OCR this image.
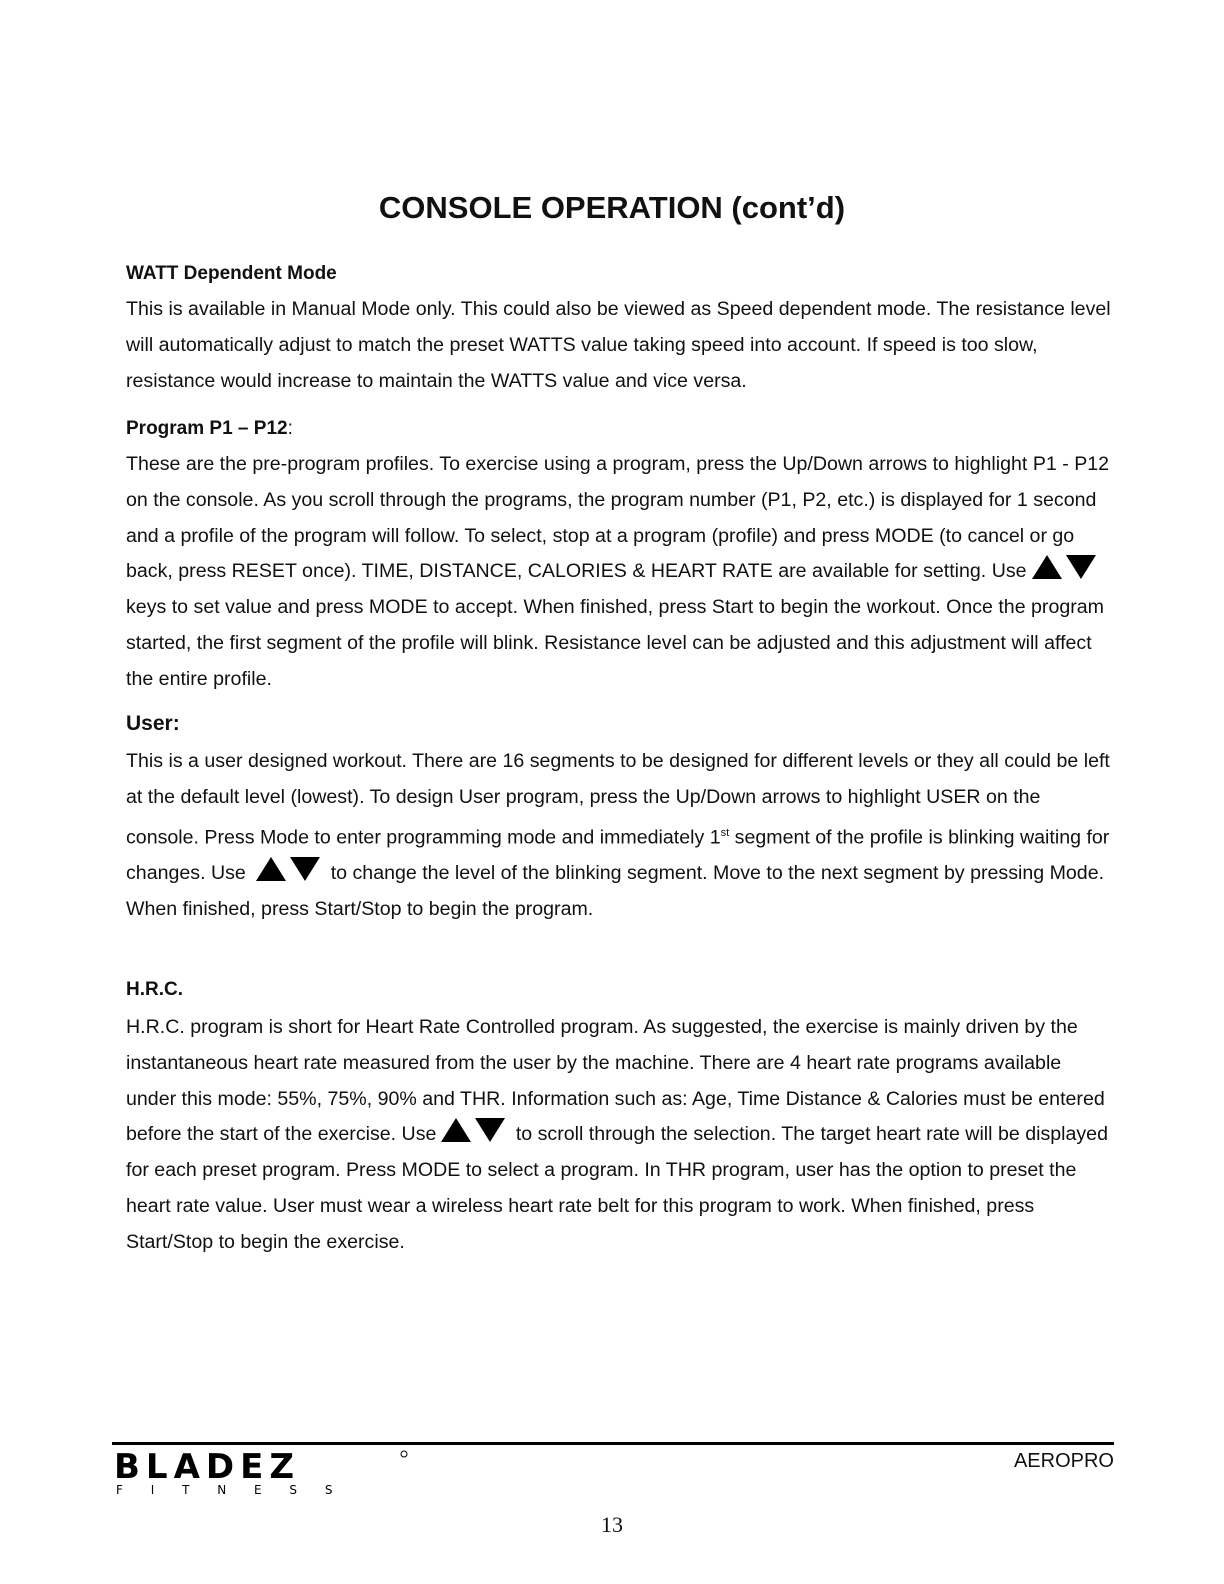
CONSOLE OPERATION (cont’d)

WATT Dependent Mode

This is available in Manual Mode only. This could also be viewed as Speed dependent mode. The resistance level will automatically adjust to match the preset WATTS value taking speed into account. If speed is too slow, resistance would increase to maintain the WATTS value and vice versa.

Program P1 – P12:

These are the pre-program profiles. To exercise using a program, press the Up/Down arrows to highlight P1 - P12 on the console. As you scroll through the programs, the program number (P1, P2, etc.) is displayed for 1 second and a profile of the program will follow. To select, stop at a program (profile) and press MODE (to cancel or go back, press RESET once). TIME, DISTANCE, CALORIES & HEART RATE are available for setting. Use keys to set value and press MODE to accept. When finished, press Start to begin the workout. Once the program started, the first segment of the profile will blink. Resistance level can be adjusted and this adjustment will affect the entire profile.

User:

This is a user designed workout. There are 16 segments to be designed for different levels or they all could be left at the default level (lowest). To design User program, press the Up/Down arrows to highlight USER on the console. Press Mode to enter programming mode and immediately 1st segment of the profile is blinking waiting for changes. Use	to change the level of the blinking segment. Move to the next segment by pressing Mode. When finished, press Start/Stop to begin the program.

H.R.C.

H.R.C. program is short for Heart Rate Controlled program. As suggested, the exercise is mainly driven by the instantaneous heart rate measured from the user by the machine. There are 4 heart rate programs available under this mode: 55%, 75%, 90% and THR. Information such as: Age, Time Distance & Calories must be entered before the start of the exercise. Use	to scroll through the selection. The target heart rate will be displayed for each preset program. Press MODE to select a program. In THR program, user has the option to preset the heart rate value. User must wear a wireless heart rate belt for this program to work. When finished, press Start/Stop to begin the exercise.

BLADEZ
F I T N E S S
AEROPRO
13
